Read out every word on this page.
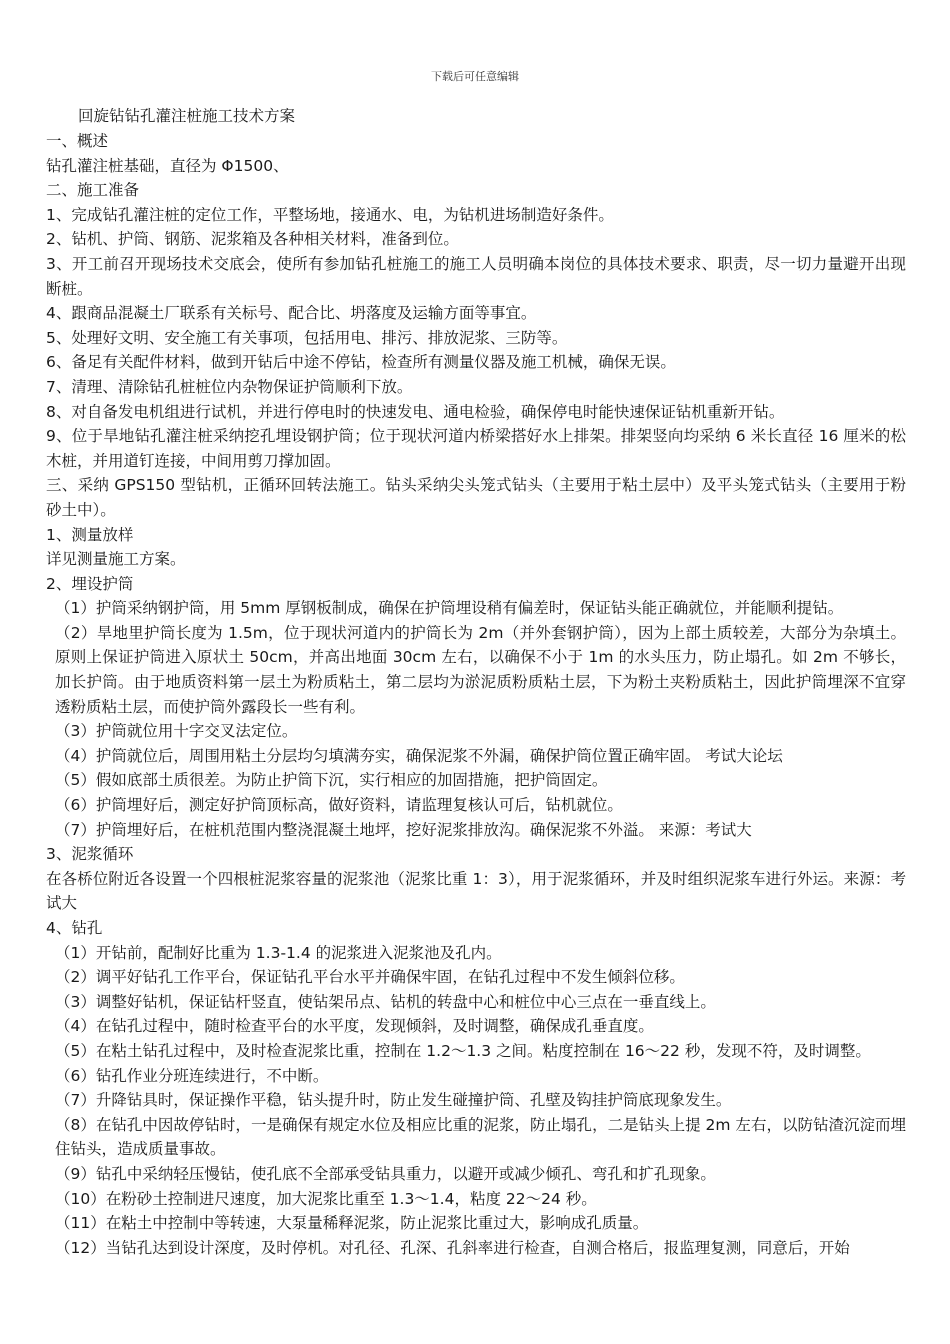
下载后可任意编辑
回旋钻钻孔灌注桩施工技术方案
一、概述
钻孔灌注桩基础，直径为 Φ1500、
二、施工准备
1、完成钻孔灌注桩的定位工作，平整场地，接通水、电，为钻机进场制造好条件。
2、钻机、护筒、钢筋、泥浆箱及各种相关材料，准备到位。
3、开工前召开现场技术交底会，使所有参加钻孔桩施工的施工人员明确本岗位的具体技术要求、职责，尽一切力量避开出现断桩。
4、跟商品混凝土厂联系有关标号、配合比、坍落度及运输方面等事宜。
5、处理好文明、安全施工有关事项，包括用电、排污、排放泥浆、三防等。
6、备足有关配件材料，做到开钻后中途不停钻，检查所有测量仪器及施工机械，确保无误。
7、清理、清除钻孔桩桩位内杂物保证护筒顺利下放。
8、对自备发电机组进行试机，并进行停电时的快速发电、通电检验，确保停电时能快速保证钻机重新开钻。
9、位于旱地钻孔灌注桩采纳挖孔埋设钢护筒；位于现状河道内桥梁搭好水上排架。排架竖向均采纳 6 米长直径 16 厘米的松木桩，并用道钉连接，中间用剪刀撑加固。
三、采纳 GPS150 型钻机，正循环回转法施工。钻头采纳尖头笼式钻头（主要用于粘土层中）及平头笼式钻头（主要用于粉砂土中）。
1、测量放样
详见测量施工方案。
2、埋设护筒
（1）护筒采纳钢护筒，用 5mm 厚钢板制成，确保在护筒埋设稍有偏差时，保证钻头能正确就位，并能顺利提钻。
（2）旱地里护筒长度为 1.5m，位于现状河道内的护筒长为 2m（并外套钢护筒），因为上部土质较差，大部分为杂填土。原则上保证护筒进入原状土 50cm，并高出地面 30cm 左右，以确保不小于 1m 的水头压力，防止塌孔。如 2m 不够长，加长护筒。由于地质资料第一层土为粉质粘土，第二层均为淤泥质粉质粘土层，下为粉土夹粉质粘土，因此护筒埋深不宜穿透粉质粘土层，而使护筒外露段长一些有利。
（3）护筒就位用十字交叉法定位。
（4）护筒就位后，周围用粘土分层均匀填满夯实，确保泥浆不外漏，确保护筒位置正确牢固。 考试大论坛
（5）假如底部土质很差。为防止护筒下沉，实行相应的加固措施，把护筒固定。
（6）护筒埋好后，测定好护筒顶标高，做好资料，请监理复核认可后，钻机就位。
（7）护筒埋好后，在桩机范围内整浇混凝土地坪，挖好泥浆排放沟。确保泥浆不外溢。 来源：考试大
3、泥浆循环
在各桥位附近各设置一个四根桩泥浆容量的泥浆池（泥浆比重 1：3），用于泥浆循环，并及时组织泥浆车进行外运。来源：考试大
4、钻孔
（1）开钻前，配制好比重为 1.3-1.4 的泥浆进入泥浆池及孔内。
（2）调平好钻孔工作平台，保证钻孔平台水平并确保牢固，在钻孔过程中不发生倾斜位移。
（3）调整好钻机，保证钻杆竖直，使钻架吊点、钻机的转盘中心和桩位中心三点在一垂直线上。
（4）在钻孔过程中，随时检查平台的水平度，发现倾斜，及时调整，确保成孔垂直度。
（5）在粘土钻孔过程中，及时检查泥浆比重，控制在 1.2～1.3 之间。粘度控制在 16～22 秒，发现不符，及时调整。
（6）钻孔作业分班连续进行，不中断。
（7）升降钻具时，保证操作平稳，钻头提升时，防止发生碰撞护筒、孔壁及钩挂护筒底现象发生。
（8）在钻孔中因故停钻时，一是确保有规定水位及相应比重的泥浆，防止塌孔，二是钻头上提 2m 左右，以防钻渣沉淀而埋住钻头，造成质量事故。
（9）钻孔中采纳轻压慢钻，使孔底不全部承受钻具重力，以避开或减少倾孔、弯孔和扩孔现象。
（10）在粉砂土控制进尺速度，加大泥浆比重至 1.3～1.4，粘度 22～24 秒。
（11）在粘土中控制中等转速，大泵量稀释泥浆，防止泥浆比重过大，影响成孔质量。
（12）当钻孔达到设计深度，及时停机。对孔径、孔深、孔斜率进行检查，自测合格后，报监理复测，同意后，开始
